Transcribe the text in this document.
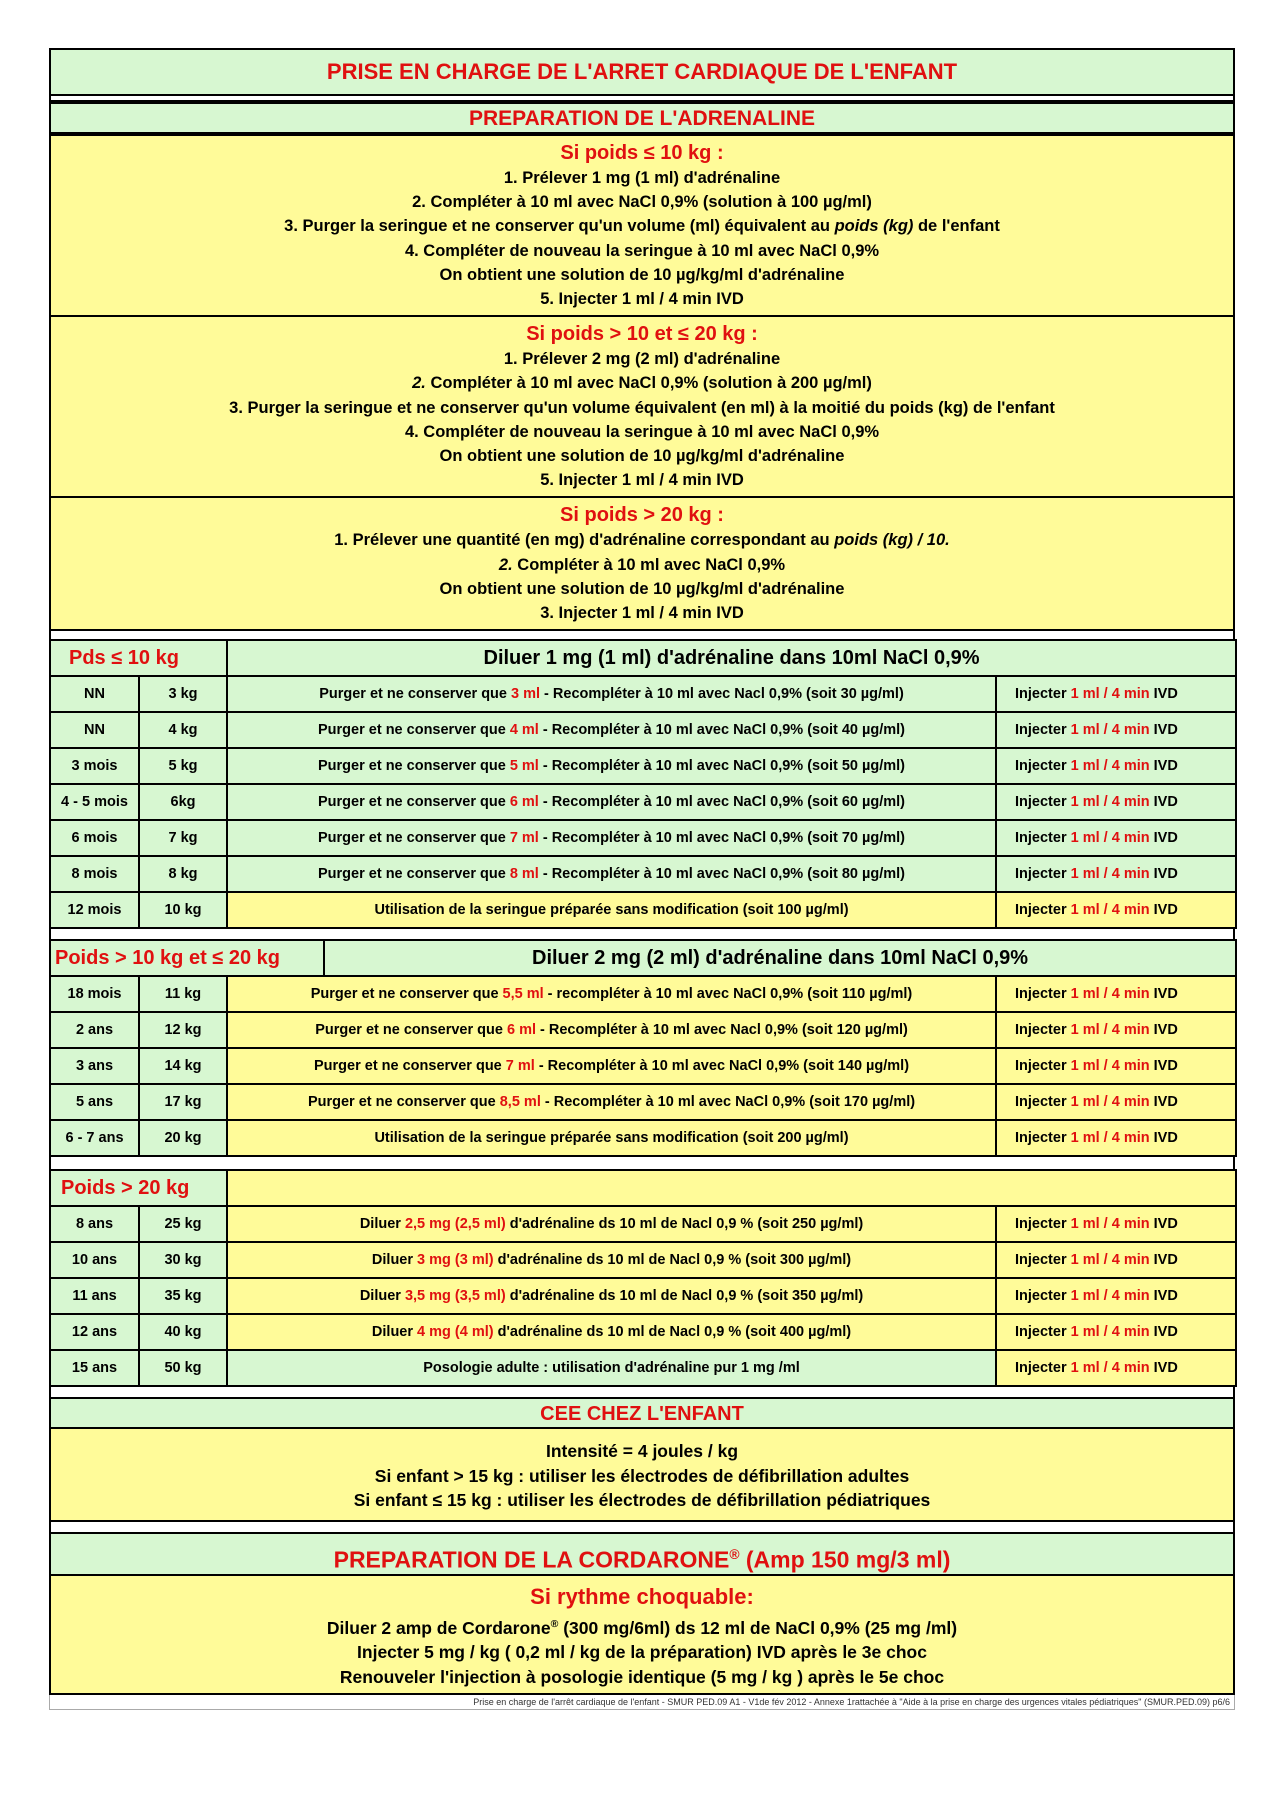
PRISE EN CHARGE DE L'ARRET CARDIAQUE DE L'ENFANT
PREPARATION DE L'ADRENALINE
Si poids ≤ 10 kg :
1. Prélever 1 mg (1 ml) d'adrénaline
2. Compléter à 10 ml avec NaCl 0,9% (solution à 100 µg/ml)
3. Purger la seringue et ne conserver qu'un volume (ml) équivalent au poids (kg) de l'enfant
4. Compléter de nouveau la seringue à 10 ml avec NaCl 0,9%
On obtient une solution de 10 µg/kg/ml d'adrénaline
5. Injecter 1 ml / 4 min IVD
Si poids > 10 et ≤ 20 kg :
1. Prélever 2 mg (2 ml) d'adrénaline
2. Compléter à 10 ml avec NaCl 0,9% (solution à 200 µg/ml)
3. Purger la seringue et ne conserver qu'un volume équivalent (en ml) à la moitié du poids (kg) de l'enfant
4. Compléter de nouveau la seringue à 10 ml avec NaCl 0,9%
On obtient une solution de 10 µg/kg/ml d'adrénaline
5. Injecter 1 ml / 4 min IVD
Si poids > 20 kg :
1. Prélever une quantité (en mg) d'adrénaline correspondant au poids (kg) / 10.
2. Compléter à 10 ml avec NaCl 0,9%
On obtient une solution de 10 µg/kg/ml d'adrénaline
3. Injecter 1 ml / 4 min IVD
Pds ≤ 10 kg		Diluer 1 mg (1 ml) d'adrénaline dans 10ml NaCl 0,9%	
NN	3 kg	Purger et ne conserver que 3 ml - Recompléter à 10 ml avec Nacl 0,9% (soit 30 µg/ml)	Injecter 1 ml / 4 min IVD
NN	4 kg	Purger et ne conserver que 4 ml - Recompléter à 10 ml avec NaCl 0,9% (soit 40 µg/ml)	Injecter 1 ml / 4 min IVD
3 mois	5 kg	Purger et ne conserver que 5 ml - Recompléter à 10 ml avec NaCl 0,9% (soit 50 µg/ml)	Injecter 1 ml / 4 min IVD
4 - 5 mois	6kg	Purger et ne conserver que 6 ml - Recompléter à 10 ml avec NaCl 0,9% (soit 60 µg/ml)	Injecter 1 ml / 4 min IVD
6 mois	7 kg	Purger et ne conserver que 7 ml - Recompléter à 10 ml avec NaCl 0,9% (soit 70 µg/ml)	Injecter 1 ml / 4 min IVD
8 mois	8 kg	Purger et ne conserver que 8 ml - Recompléter à 10 ml avec NaCl 0,9% (soit 80 µg/ml)	Injecter 1 ml / 4 min IVD
12 mois	10 kg	Utilisation de la seringue préparée sans modification (soit 100 µg/ml)	Injecter 1 ml / 4 min IVD
Poids > 10 kg et ≤ 20 kg			Diluer 2 mg (2 ml) d'adrénaline dans 10ml NaCl 0,9%	
18 mois	11 kg	Purger et ne conserver que 5,5 ml - recompléter à 10 ml avec NaCl 0,9% (soit 110 µg/ml)		Injecter 1 ml / 4 min IVD
2 ans	12 kg	Purger et ne conserver que 6 ml - Recompléter à 10 ml avec Nacl 0,9% (soit 120 µg/ml)		Injecter 1 ml / 4 min IVD
3 ans	14 kg	Purger et ne conserver que 7 ml - Recompléter à 10 ml avec NaCl 0,9% (soit 140 µg/ml)		Injecter 1 ml / 4 min IVD
5 ans	17 kg	Purger et ne conserver que 8,5 ml - Recompléter à 10 ml avec NaCl 0,9% (soit 170 µg/ml)		Injecter 1 ml / 4 min IVD
6 - 7 ans	20 kg	Utilisation de la seringue préparée sans modification (soit 200 µg/ml)		Injecter 1 ml / 4 min IVD
Poids > 20 kg			
8 ans	25 kg	Diluer 2,5 mg (2,5 ml) d'adrénaline ds 10 ml de Nacl 0,9 % (soit 250 µg/ml)	Injecter 1 ml / 4 min IVD
10 ans	30 kg	Diluer 3 mg (3 ml) d'adrénaline ds 10 ml de Nacl 0,9 % (soit 300 µg/ml)	Injecter 1 ml / 4 min IVD
11 ans	35 kg	Diluer 3,5 mg (3,5 ml) d'adrénaline ds 10 ml de Nacl 0,9 % (soit 350 µg/ml)	Injecter 1 ml / 4 min IVD
12 ans	40 kg	Diluer 4 mg (4 ml) d'adrénaline ds 10 ml de Nacl 0,9 % (soit 400 µg/ml)	Injecter 1 ml / 4 min IVD
15 ans	50 kg	Posologie adulte : utilisation d'adrénaline pur 1 mg /ml	Injecter 1 ml / 4 min IVD
CEE CHEZ L'ENFANT
Intensité = 4 joules / kg
Si enfant > 15 kg : utiliser les électrodes de défibrillation adultes
Si enfant ≤ 15 kg : utiliser les électrodes de défibrillation pédiatriques
PREPARATION DE LA CORDARONE® (Amp 150 mg/3 ml)
Si rythme choquable:
Diluer 2 amp de Cordarone® (300 mg/6ml) ds 12 ml de NaCl 0,9% (25 mg /ml)
Injecter 5 mg / kg ( 0,2 ml / kg de la préparation) IVD après le 3e choc
Renouveler l'injection à posologie identique (5 mg / kg ) après le 5e choc
Prise en charge de l'arrêt cardiaque de l'enfant - SMUR PED.09 A1 - V1de fév 2012 - Annexe 1rattachée à "Aide à la prise en charge des urgences vitales pédiatriques" (SMUR.PED.09) p6/6
